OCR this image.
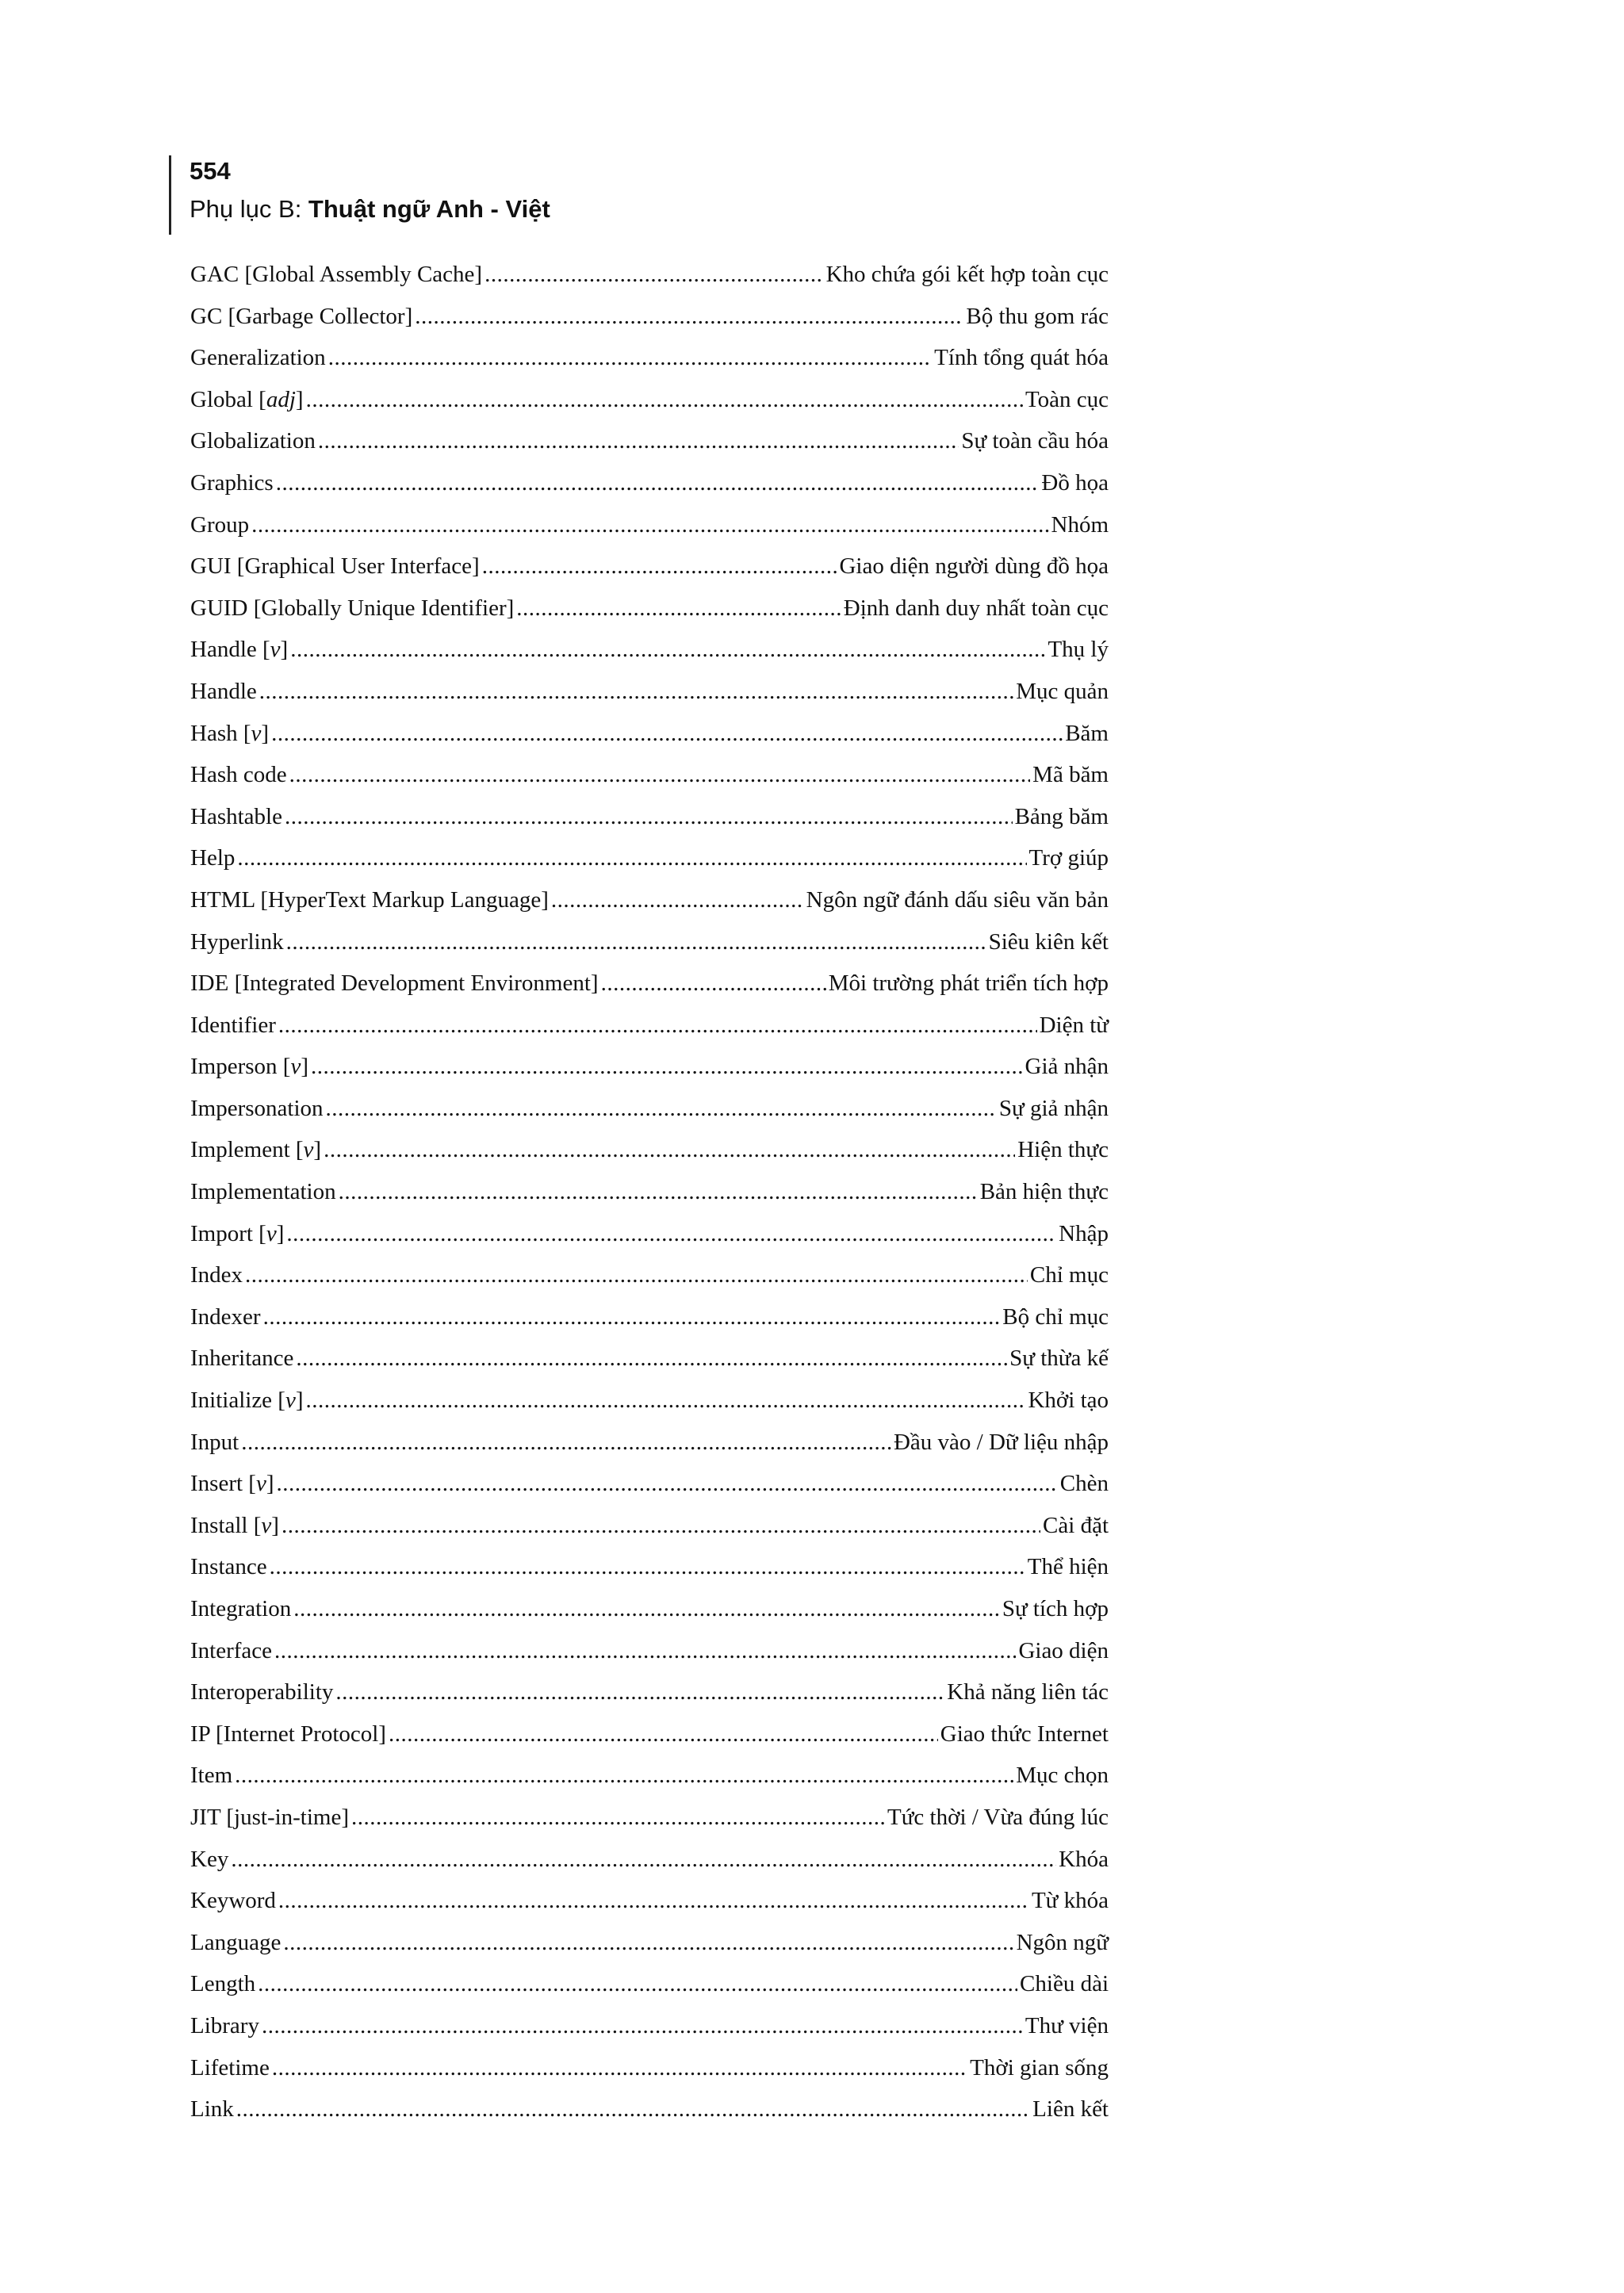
554
Phụ lục B: Thuật ngữ Anh - Việt
GAC [Global Assembly Cache] .....	Kho chứa gói kết hợp toàn cục
GC [Garbage Collector] .....	Bộ thu gom rác
Generalization .....	Tính tổng quát hóa
Global [adj] .....	Toàn cục
Globalization .....	Sự toàn cầu hóa
Graphics .....	Đồ họa
Group .....	Nhóm
GUI [Graphical User Interface] .....	Giao diện người dùng đồ họa
GUID [Globally Unique Identifier] .....	Định danh duy nhất toàn cục
Handle [v] .....	Thụ lý
Handle .....	Mục quản
Hash [v] .....	Băm
Hash code .....	Mã băm
Hashtable .....	Bảng băm
Help .....	Trợ giúp
HTML [HyperText Markup Language] .....	Ngôn ngữ đánh dấu siêu văn bản
Hyperlink .....	Siêu kiên kết
IDE [Integrated Development Environment] .....	Môi trường phát triển tích hợp
Identifier .....	Diện từ
Imperson [v] .....	Giả nhận
Impersonation .....	Sự giả nhận
Implement [v] .....	Hiện thực
Implementation .....	Bản hiện thực
Import [v] .....	Nhập
Index .....	Chỉ mục
Indexer .....	Bộ chỉ mục
Inheritance .....	Sự thừa kế
Initialize [v] .....	Khởi tạo
Input .....	Đầu vào / Dữ liệu nhập
Insert [v] .....	Chèn
Install [v] .....	Cài đặt
Instance .....	Thể hiện
Integration .....	Sự tích hợp
Interface .....	Giao diện
Interoperability .....	Khả năng liên tác
IP [Internet Protocol] .....	Giao thức Internet
Item .....	Mục chọn
JIT [just-in-time] .....	Tức thời / Vừa đúng lúc
Key .....	Khóa
Keyword .....	Từ khóa
Language .....	Ngôn ngữ
Length .....	Chiều dài
Library .....	Thư viện
Lifetime .....	Thời gian sống
Link .....	Liên kết
